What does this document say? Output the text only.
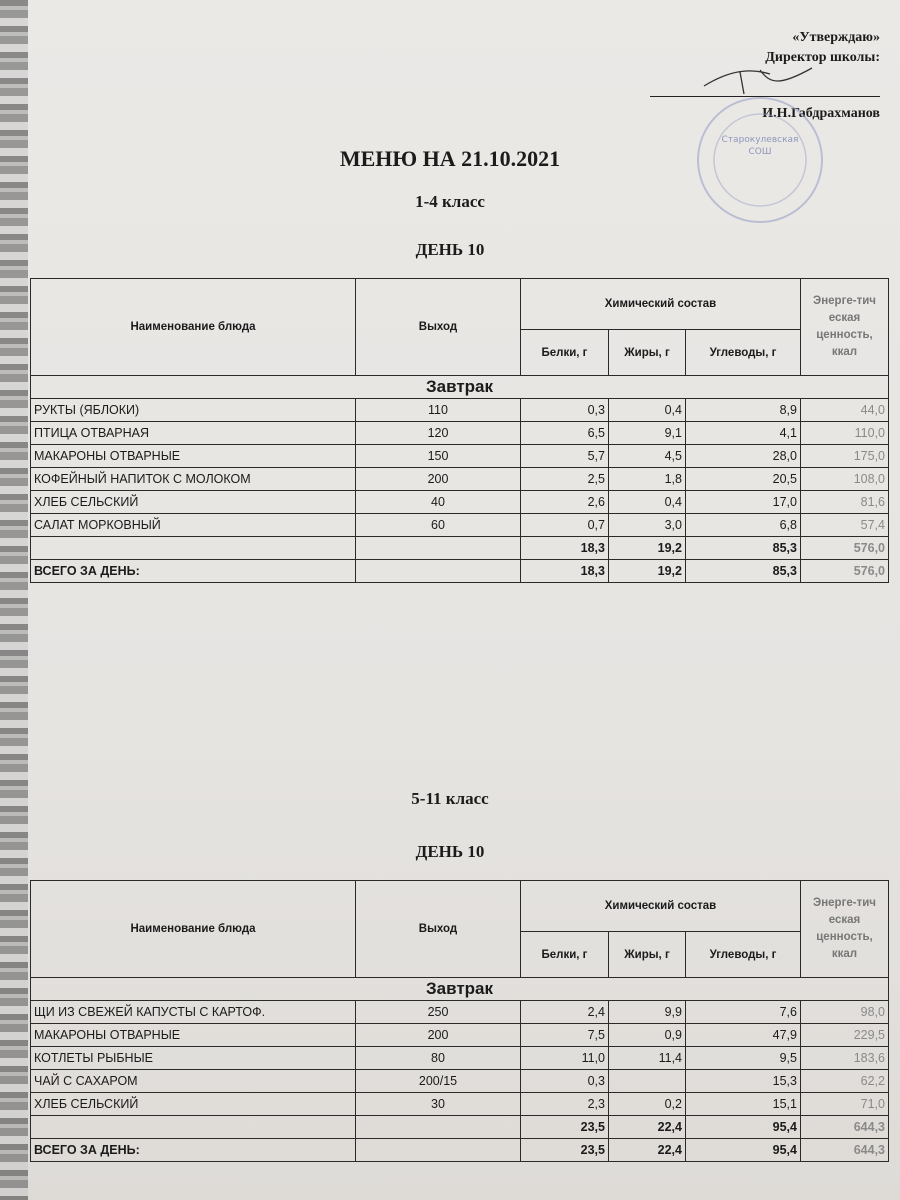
«Утверждаю»
Директор школы:
И.Н.Габдрахманов
Старокулевская
СОШ
МЕНЮ НА 21.10.2021
1-4 класс
ДЕНЬ 10
Наименование блюда	Выход	Химический состав			Энерге-тич еская ценность, ккал
		Белки, г	Жиры, г	Углеводы, г	
Завтрак					
РУКТЫ (ЯБЛОКИ)	110	0,3	0,4	8,9	44,0
ПТИЦА ОТВАРНАЯ	120	6,5	9,1	4,1	110,0
МАКАРОНЫ ОТВАРНЫЕ	150	5,7	4,5	28,0	175,0
КОФЕЙНЫЙ НАПИТОК С МОЛОКОМ	200	2,5	1,8	20,5	108,0
ХЛЕБ СЕЛЬСКИЙ	40	2,6	0,4	17,0	81,6
САЛАТ МОРКОВНЫЙ	60	0,7	3,0	6,8	57,4
		18,3	19,2	85,3	576,0
ВСЕГО ЗА ДЕНЬ:		18,3	19,2	85,3	576,0
5-11 класс
ДЕНЬ 10
Наименование блюда	Выход	Химический состав			Энерге-тич еская ценность, ккал
		Белки, г	Жиры, г	Углеводы, г	
Завтрак					
ЩИ ИЗ СВЕЖЕЙ КАПУСТЫ С КАРТОФ.	250	2,4	9,9	7,6	98,0
МАКАРОНЫ ОТВАРНЫЕ	200	7,5	0,9	47,9	229,5
КОТЛЕТЫ РЫБНЫЕ	80	11,0	11,4	9,5	183,6
ЧАЙ С САХАРОМ	200/15	0,3		15,3	62,2
ХЛЕБ СЕЛЬСКИЙ	30	2,3	0,2	15,1	71,0
		23,5	22,4	95,4	644,3
ВСЕГО ЗА ДЕНЬ:		23,5	22,4	95,4	644,3
